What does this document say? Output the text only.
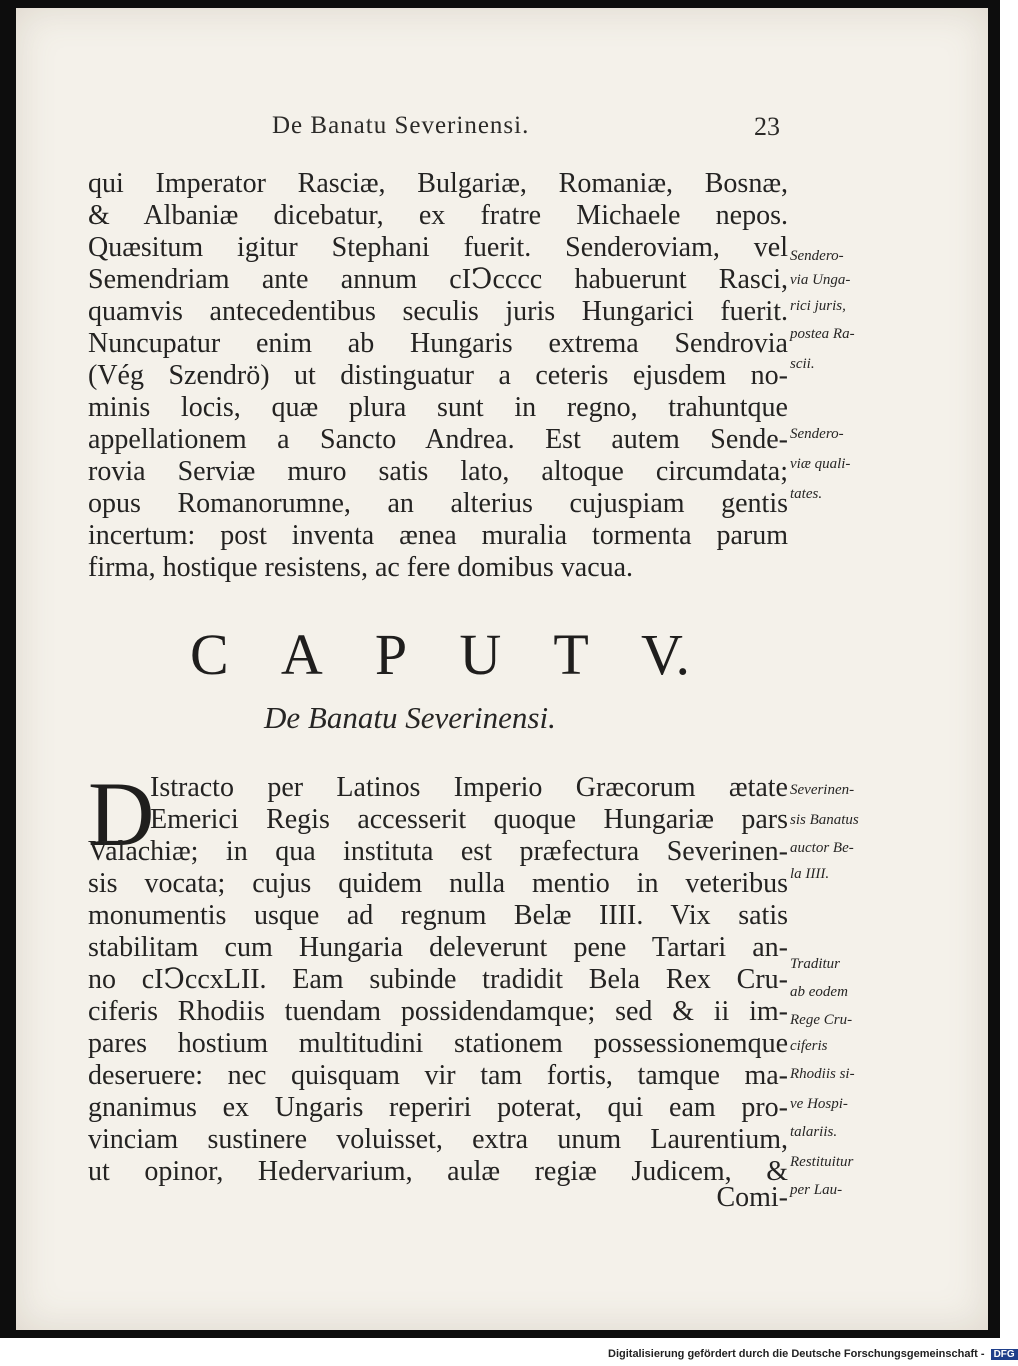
De Banatu Severinensi.	23
qui Imperator Rasciæ, Bulgariæ, Romaniæ, Bosnæ,
& Albaniæ dicebatur, ex fratre Michaele nepos.
Quæsitum igitur Stephani fuerit. Senderoviam, vel
Semendriam ante annum cIↃcccc habuerunt Rasci,
quamvis antecedentibus seculis juris Hungarici fuerit.
Nuncupatur enim ab Hungaris extrema Sendrovia
(Vég Szendrö) ut distinguatur a ceteris ejusdem no-
minis locis, quæ plura sunt in regno, trahuntque
appellationem a Sancto Andrea. Est autem Sende-
rovia Serviæ muro satis lato, altoque circumdata;
opus Romanorumne, an alterius cujuspiam gentis
incertum: post inventa ænea muralia tormenta parum
firma, hostique resistens, ac fere domibus vacua.
Sendero-
via Unga-
rici juris,
postea Ra-
scii.
Sendero-
viæ quali-
tates.
C A P U T V.
De Banatu Severinensi.
D
Istracto per Latinos Imperio Græcorum ætate
Emerici Regis accesserit quoque Hungariæ pars
Valachiæ; in qua instituta est præfectura Severinen-
sis vocata; cujus quidem nulla mentio in veteribus
monumentis usque ad regnum Belæ IIII. Vix satis
stabilitam cum Hungaria deleverunt pene Tartari an-
no cIↃccxLII. Eam subinde tradidit Bela Rex Cru-
ciferis Rhodiis tuendam possidendamque; sed & ii im-
pares hostium multitudini stationem possessionemque
deseruere: nec quisquam vir tam fortis, tamque ma-
gnanimus ex Ungaris reperiri poterat, qui eam pro-
vinciam sustinere voluisset, extra unum Laurentium,
ut opinor, Hedervarium, aulæ regiæ Judicem, &
Comi-
Severinen-
sis Banatus
auctor Be-
la IIII.
Traditur
ab eodem
Rege Cru-
ciferis
Rhodiis si-
ve Hospi-
talariis.
Restituitur
per Lau-
Digitalisierung gefördert durch die Deutsche Forschungsgemeinschaft - DFG
